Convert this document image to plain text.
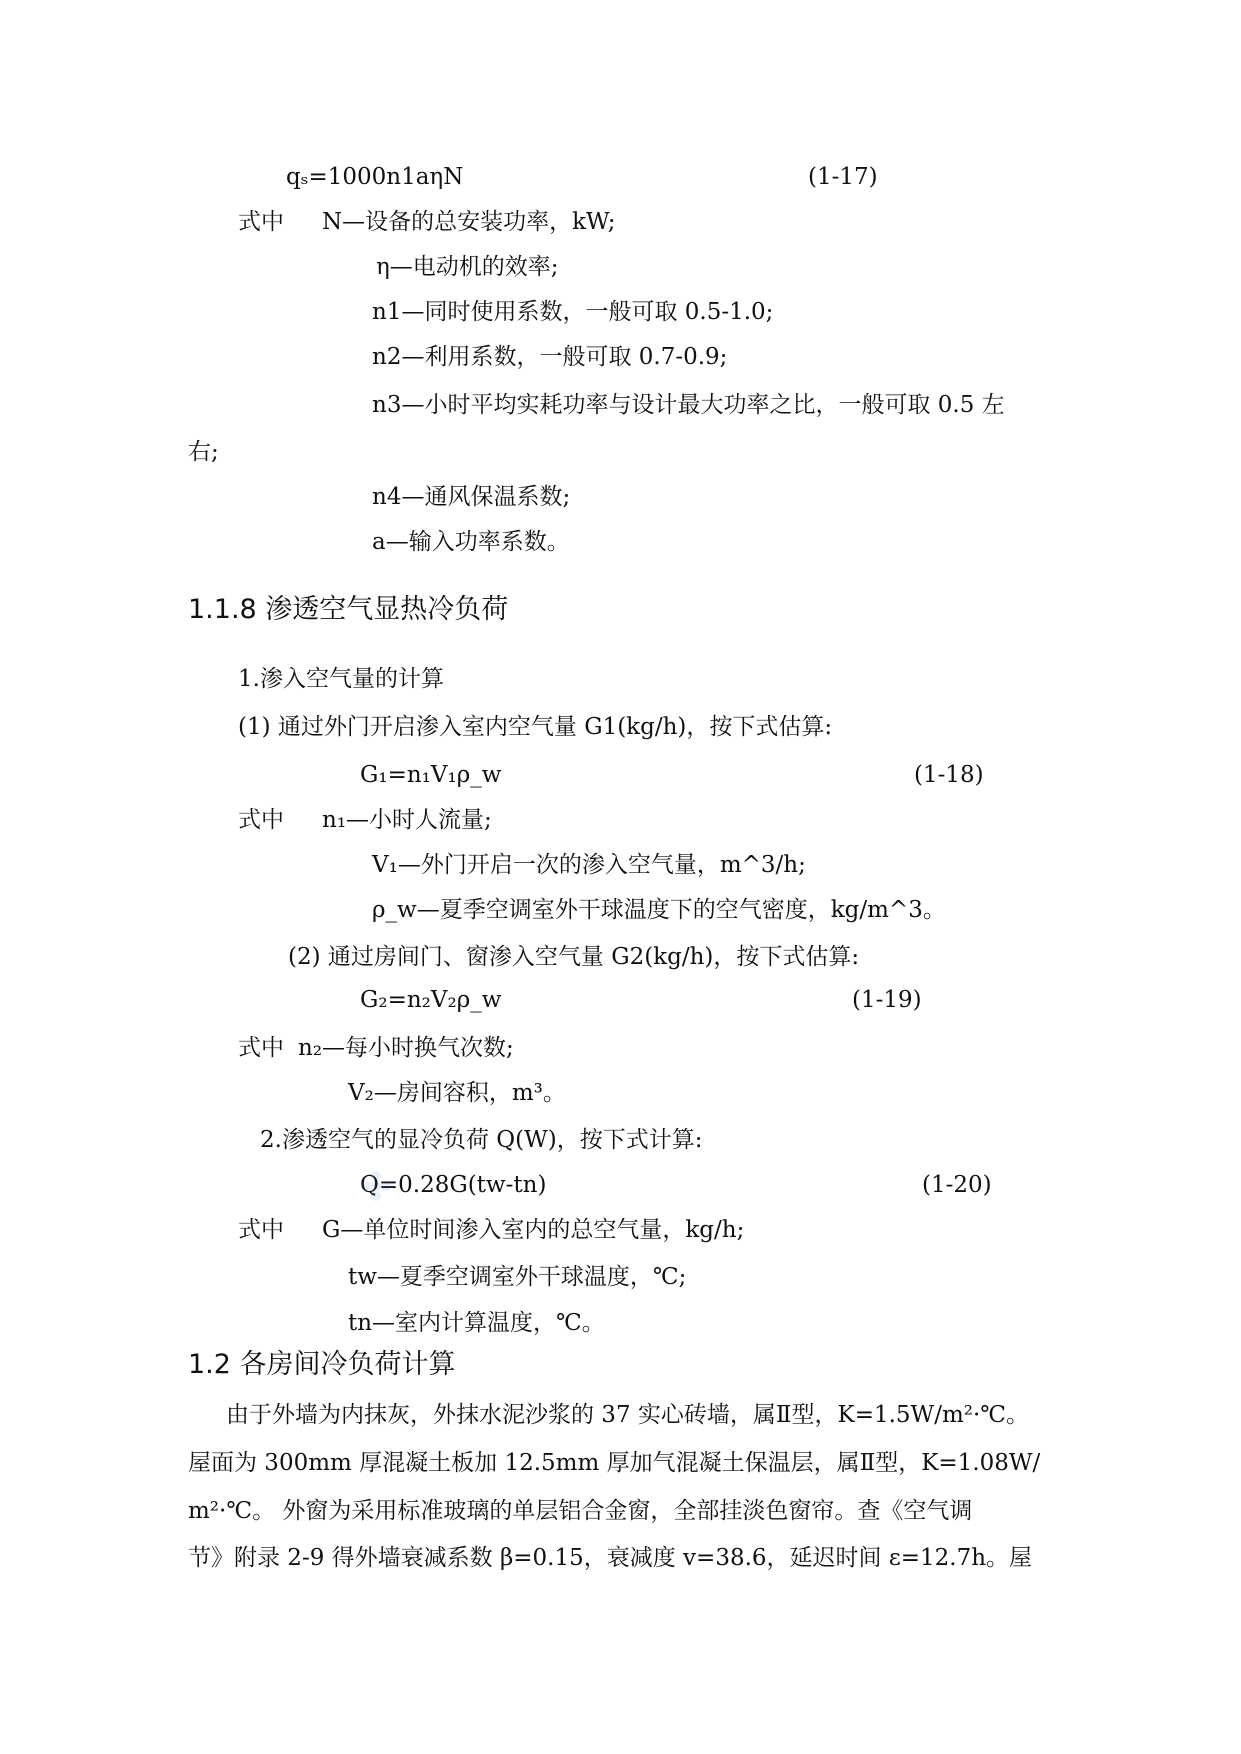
qₛ=1000n1aηN	(1-17)
式中 N—设备的总安装功率，kW;
η—电动机的效率;
n1—同时使用系数，一般可取 0.5-1.0;
n2—利用系数，一般可取 0.7-0.9;
n3—小时平均实耗功率与设计最大功率之比，一般可取 0.5 左
右;
n4—通风保温系数;
a—输入功率系数。
1.1.8 渗透空气显热冷负荷
1.渗入空气量的计算
(1) 通过外门开启渗入室内空气量 G1(kg/h)，按下式估算:
G₁=n₁V₁ρ_w	(1-18)
式中 n₁—小时人流量;
V₁—外门开启一次的渗入空气量，m^3/h;
ρ_w—夏季空调室外干球温度下的空气密度，kg/m^3。
(2) 通过房间门、窗渗入空气量 G2(kg/h)，按下式估算:
G₂=n₂V₂ρ_w	(1-19)
式中 n₂—每小时换气次数;
V₂—房间容积，m³。
2.渗透空气的显冷负荷 Q(W)，按下式计算:
Q=0.28G(tw-tn)	(1-20)
式中 G—单位时间渗入室内的总空气量，kg/h;
tw—夏季空调室外干球温度，℃;
tn—室内计算温度，℃。
1.2 各房间冷负荷计算
由于外墙为内抹灰，外抹水泥沙浆的 37 实心砖墙，属Ⅱ型，K=1.5W/m²·℃。
屋面为 300mm 厚混凝土板加 12.5mm 厚加气混凝土保温层，属Ⅱ型，K=1.08W/
m²·℃。 外窗为采用标准玻璃的单层铝合金窗，全部挂淡色窗帘。查《空气调
节》附录 2-9 得外墙衰减系数 β=0.15，衰减度 v=38.6，延迟时间 ε=12.7h。屋
